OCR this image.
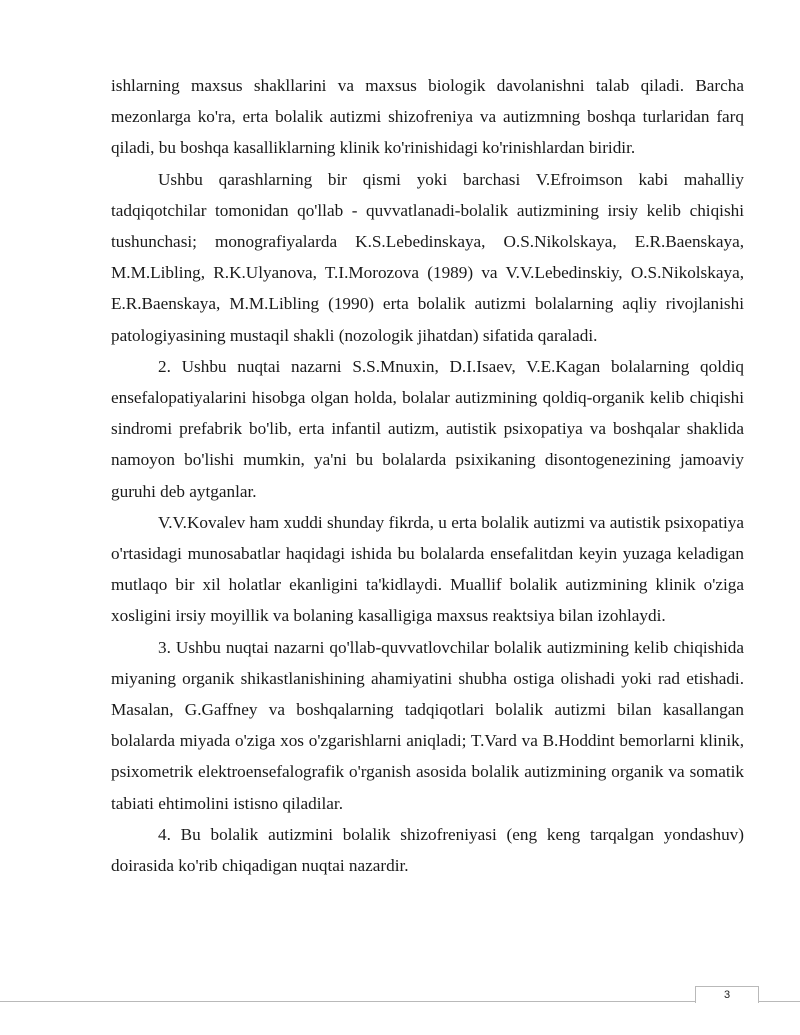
ishlarning maxsus shakllarini va maxsus biologik davolanishni talab qiladi. Barcha mezonlarga ko'ra, erta bolalik autizmi shizofreniya va autizmning boshqa turlaridan farq qiladi, bu boshqa kasalliklarning klinik ko'rinishidagi ko'rinishlardan biridir.

Ushbu qarashlarning bir qismi yoki barchasi V.Efroimson kabi mahalliy tadqiqotchilar tomonidan qo'llab - quvvatlanadi-bolalik autizmining irsiy kelib chiqishi tushunchasi; monografiyalarda K.S.Lebedinskaya, O.S.Nikolskaya, E.R.Baenskaya, M.M.Libling, R.K.Ulyanova, T.I.Morozova (1989) va V.V.Lebedinskiy, O.S.Nikolskaya, E.R.Baenskaya, M.M.Libling (1990) erta bolalik autizmi bolalarning aqliy rivojlanishi patologiyasining mustaqil shakli (nozologik jihatdan) sifatida qaraladi.

2. Ushbu nuqtai nazarni S.S.Mnuxin, D.I.Isaev, V.E.Kagan bolalarning qoldiq ensefalopatiyalarini hisobga olgan holda, bolalar autizmining qoldiq-organik kelib chiqishi sindromi prefabrik bo'lib, erta infantil autizm, autistik psixopatiya va boshqalar shaklida namoyon bo'lishi mumkin, ya'ni bu bolalarda psixikaning disontogenezining jamoaviy guruhi deb aytganlar.

V.V.Kovalev ham xuddi shunday fikrda, u erta bolalik autizmi va autistik psixopatiya o'rtasidagi munosabatlar haqidagi ishida bu bolalarda ensefalitdan keyin yuzaga keladigan mutlaqo bir xil holatlar ekanligini ta'kidlaydi. Muallif bolalik autizmining klinik o'ziga xosligini irsiy moyillik va bolaning kasalligiga maxsus reaktsiya bilan izohlaydi.

3. Ushbu nuqtai nazarni qo'llab-quvvatlovchilar bolalik autizmining kelib chiqishida miyaning organik shikastlanishining ahamiyatini shubha ostiga olishadi yoki rad etishadi. Masalan, G.Gaffney va boshqalarning tadqiqotlari bolalik autizmi bilan kasallangan bolalarda miyada o'ziga xos o'zgarishlarni aniqladi; T.Vard va B.Hoddint bemorlarni klinik, psixometrik elektroensefalografik o'rganish asosida bolalik autizmining organik va somatik tabiati ehtimolini istisno qiladilar.

4. Bu bolalik autizmini bolalik shizofreniyasi (eng keng tarqalgan yondashuv) doirasida ko'rib chiqadigan nuqtai nazardir.

3
